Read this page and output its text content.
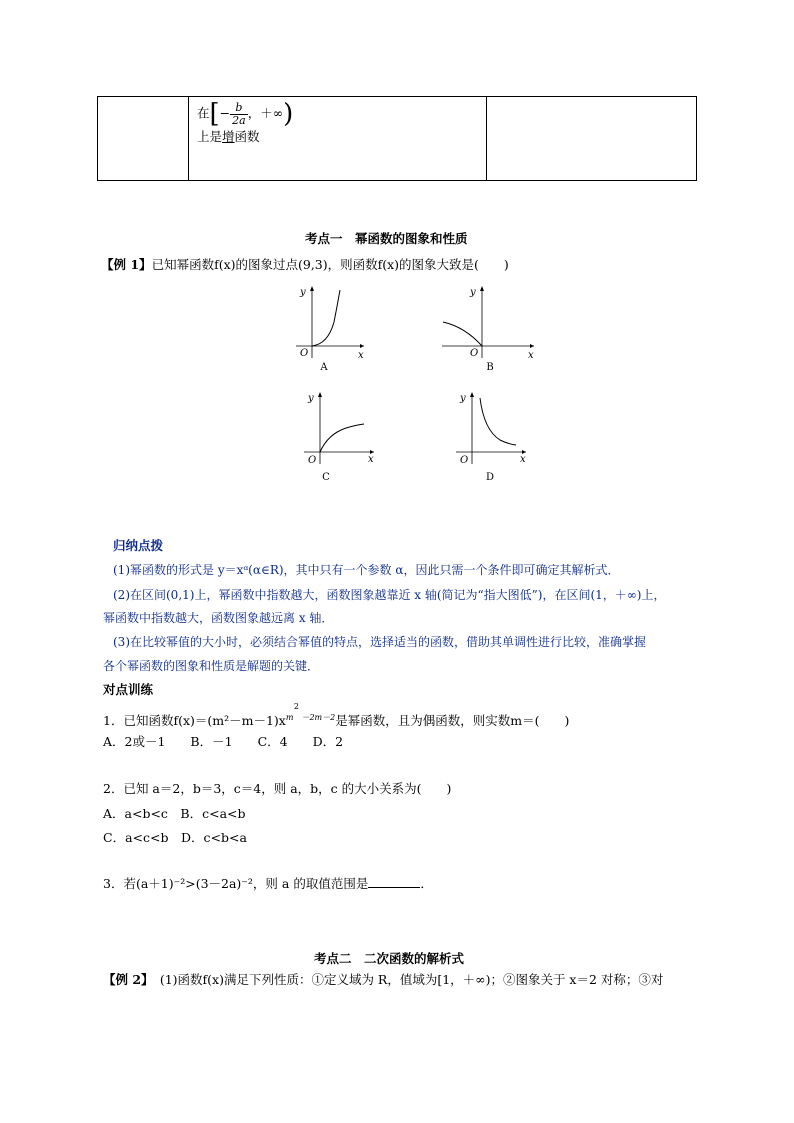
在[− $\frac{b}{2a}$ ，＋∞)
上是增函数

考点一　幂函数的图象和性质
【例 1】已知幂函数f(x)的图象过点(9,3)，则函数f(x)的图象大致是(　　)
y
x
O
A
y
x
O
B
y
x
O
C
y
x
O
D
归纳点拨
(1)幂函数的形式是 y＝xᵅ(α∈R)，其中只有一个参数 α，因此只需一个条件即可确定其解析式．
(2)在区间(0,1)上，幂函数中指数越大，函数图象越靠近 x 轴(简记为“指大图低”)，在区间(1，＋∞)上，
幂函数中指数越大，函数图象越远离 x 轴．
(3)在比较幂值的大小时，必须结合幂值的特点，选择适当的函数，借助其单调性进行比较，准确掌握
各个幂函数的图象和性质是解题的关键．
对点训练
1．已知函数f(x)＝(m²－m－1)x
2
$^{m -2m-2}$是幂函数，且为偶函数，则实数m＝(　　)
A．2或－1　　B．－1　　C．4　　D．2
2．已知 a＝2，b＝3，c＝4，则 a，b，c 的大小关系为(　　)
A．a<b<c　B．c<a<b
C．a<c<b　D．c<b<a
3．若(a＋1)⁻²>(3－2a)⁻²，则 a 的取值范围是	．
考点二　二次函数的解析式
【例 2】　(1)函数f(x)满足下列性质：①定义域为 R，值域为[1，＋∞)；②图象关于 x＝2 对称；③对
